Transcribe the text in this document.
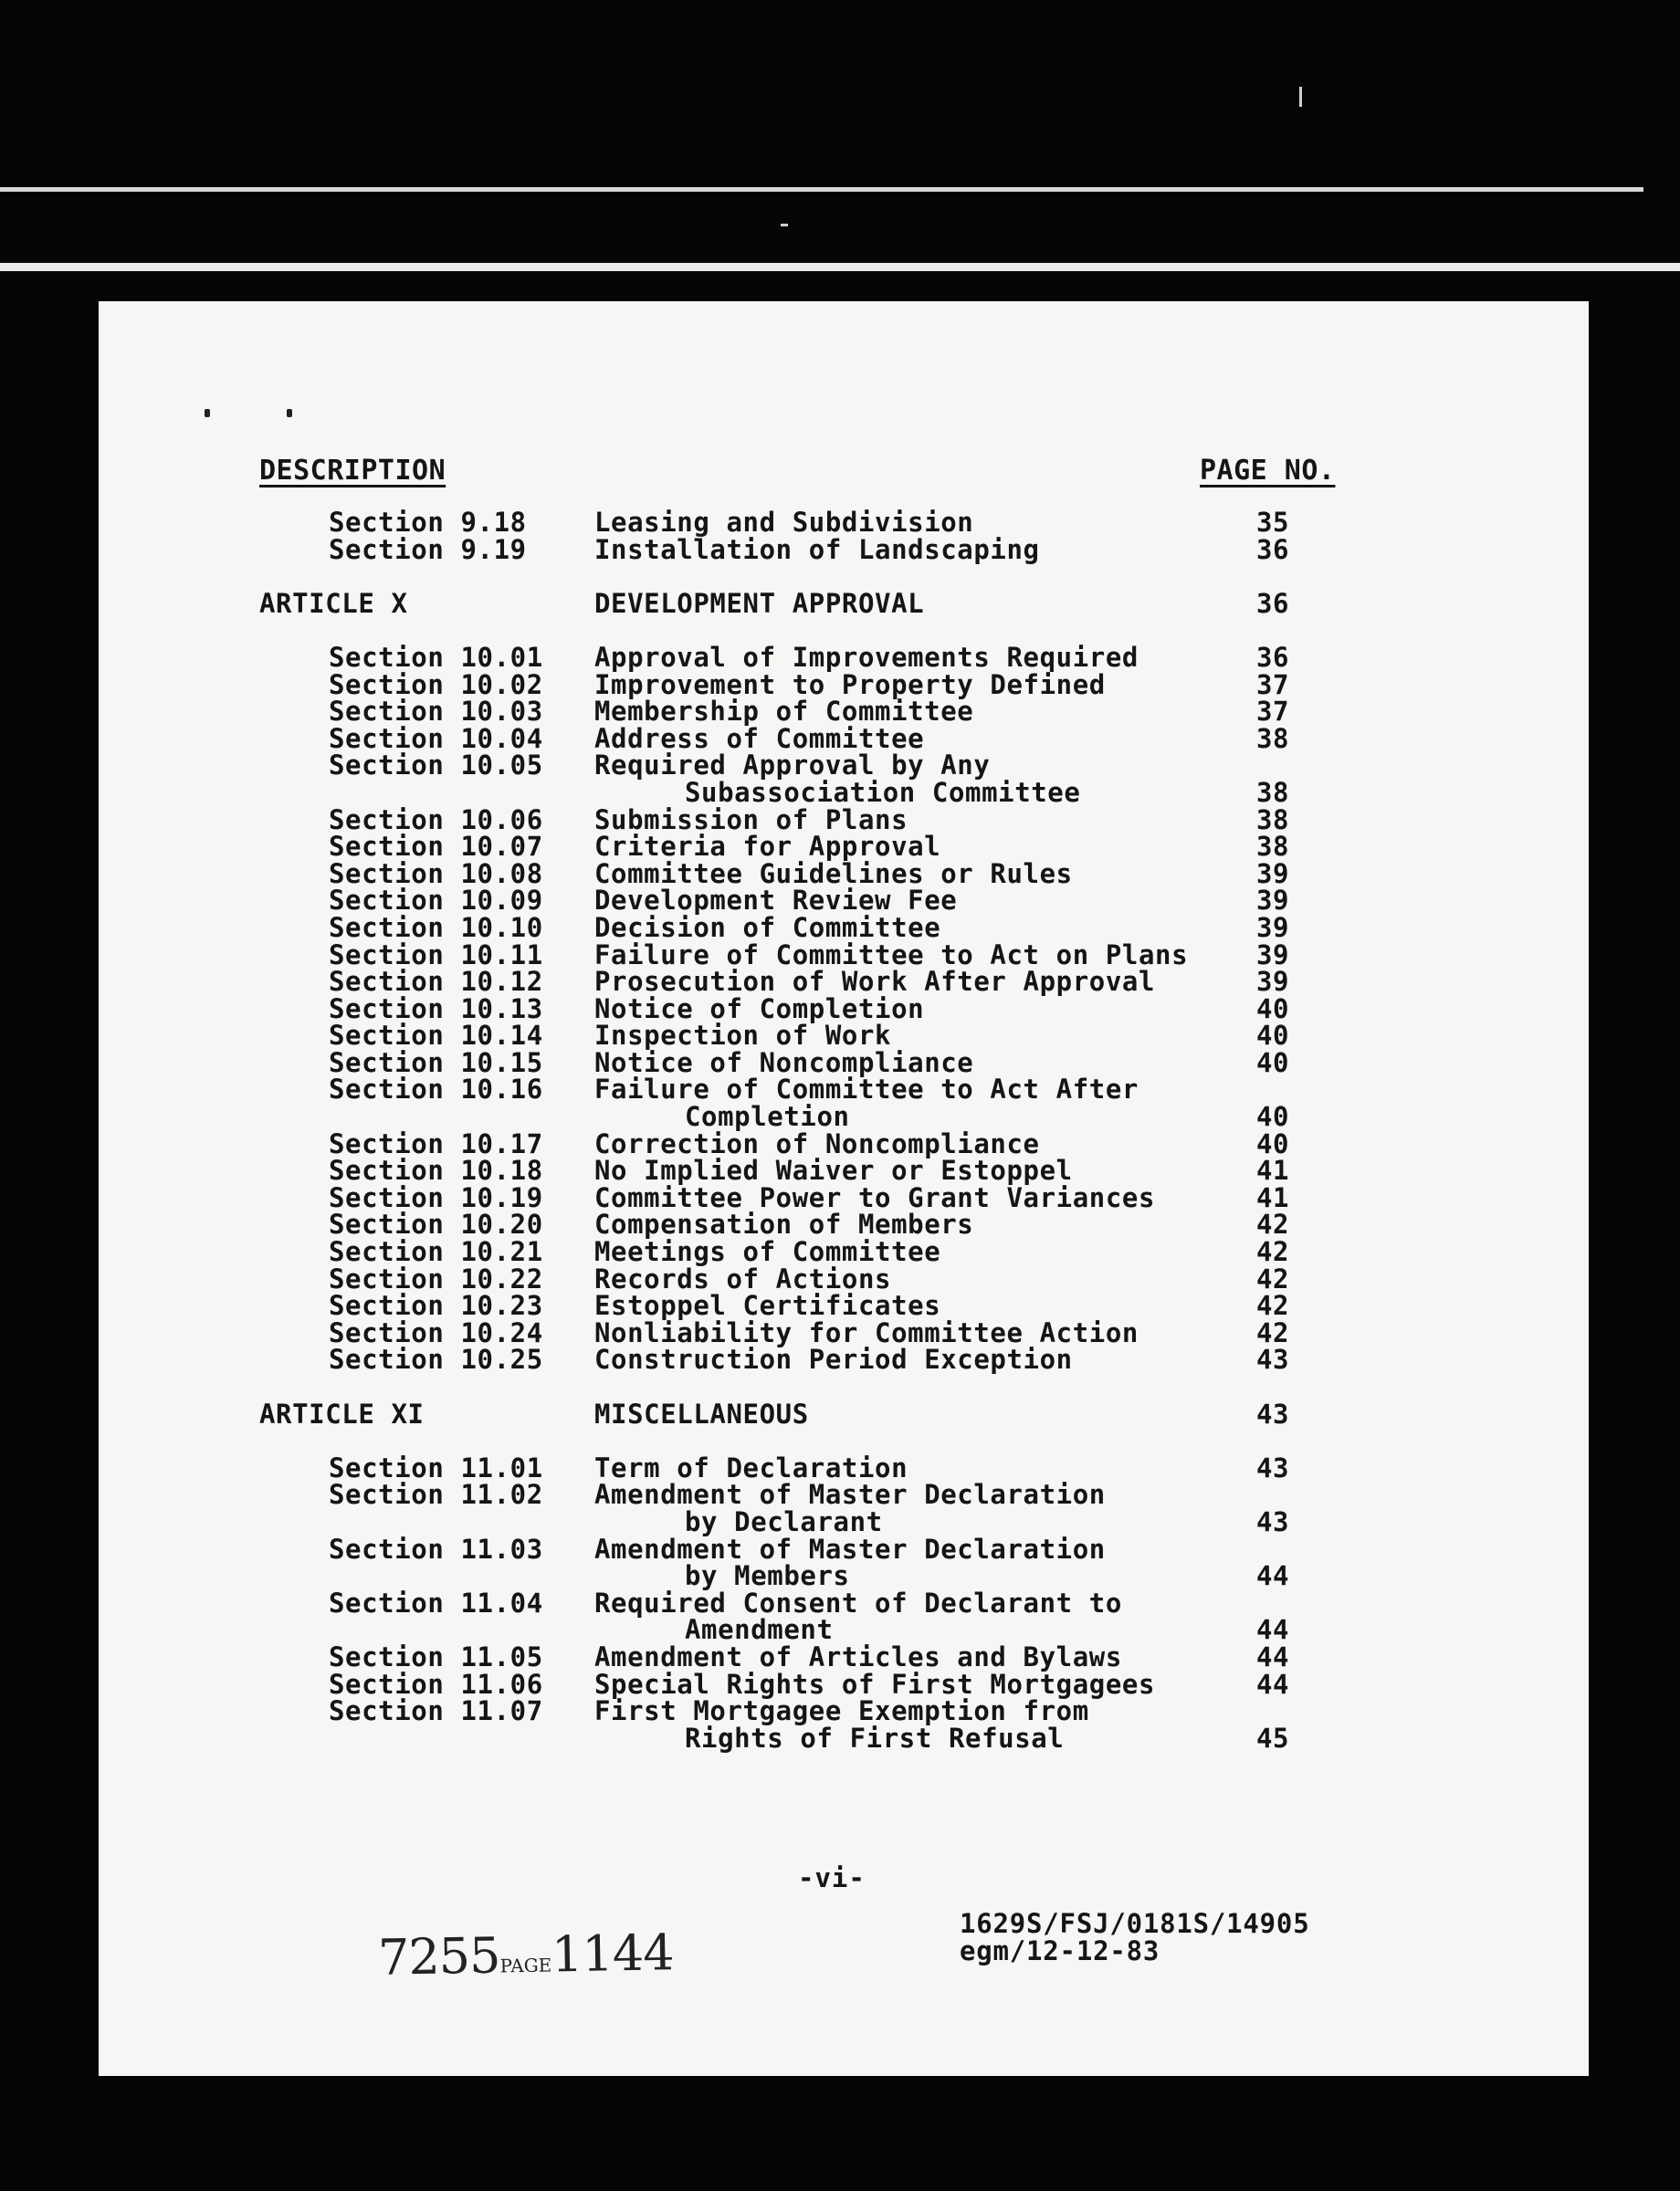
DESCRIPTION	PAGE NO.
Section 9.18	Leasing and Subdivision	35
Section 9.19	Installation of Landscaping	36
ARTICLE X	DEVELOPMENT APPROVAL	36
Section 10.01 Approval of Improvements Required	36
Section 10.02 Improvement to Property Defined	37
Section 10.03 Membership of Committee	37
Section 10.04 Address of Committee	38
Section 10.05 Required Approval by Any
Subassociation Committee	38
Section 10.06 Submission of Plans	38
Section 10.07 Criteria for Approval	38
Section 10.08 Committee Guidelines or Rules	39
Section 10.09 Development Review Fee	39
Section 10.10 Decision of Committee	39
Section 10.11 Failure of Committee to Act on Plans	39
Section 10.12 Prosecution of Work After Approval	39
Section 10.13 Notice of Completion	40
Section 10.14 Inspection of Work	40
Section 10.15 Notice of Noncompliance	40
Section 10.16 Failure of Committee to Act After
Completion	40
Section 10.17 Correction of Noncompliance	40
Section 10.18 No Implied Waiver or Estoppel	41
Section 10.19 Committee Power to Grant Variances	41
Section 10.20 Compensation of Members	42
Section 10.21 Meetings of Committee	42
Section 10.22 Records of Actions	42
Section 10.23 Estoppel Certificates	42
Section 10.24 Nonliability for Committee Action	42
Section 10.25 Construction Period Exception	43
ARTICLE XI	MISCELLANEOUS	43
Section 11.01 Term of Declaration	43
Section 11.02 Amendment of Master Declaration
by Declarant	43
Section 11.03 Amendment of Master Declaration
by Members	44
Section 11.04 Required Consent of Declarant to
Amendment	44
Section 11.05 Amendment of Articles and Bylaws	44
Section 11.06 Special Rights of First Mortgagees	44
Section 11.07 First Mortgagee Exemption from
Rights of First Refusal	45
-vi-
1629S/FSJ/0181S/14905
egm/12-12-83
7255PAGE1144
